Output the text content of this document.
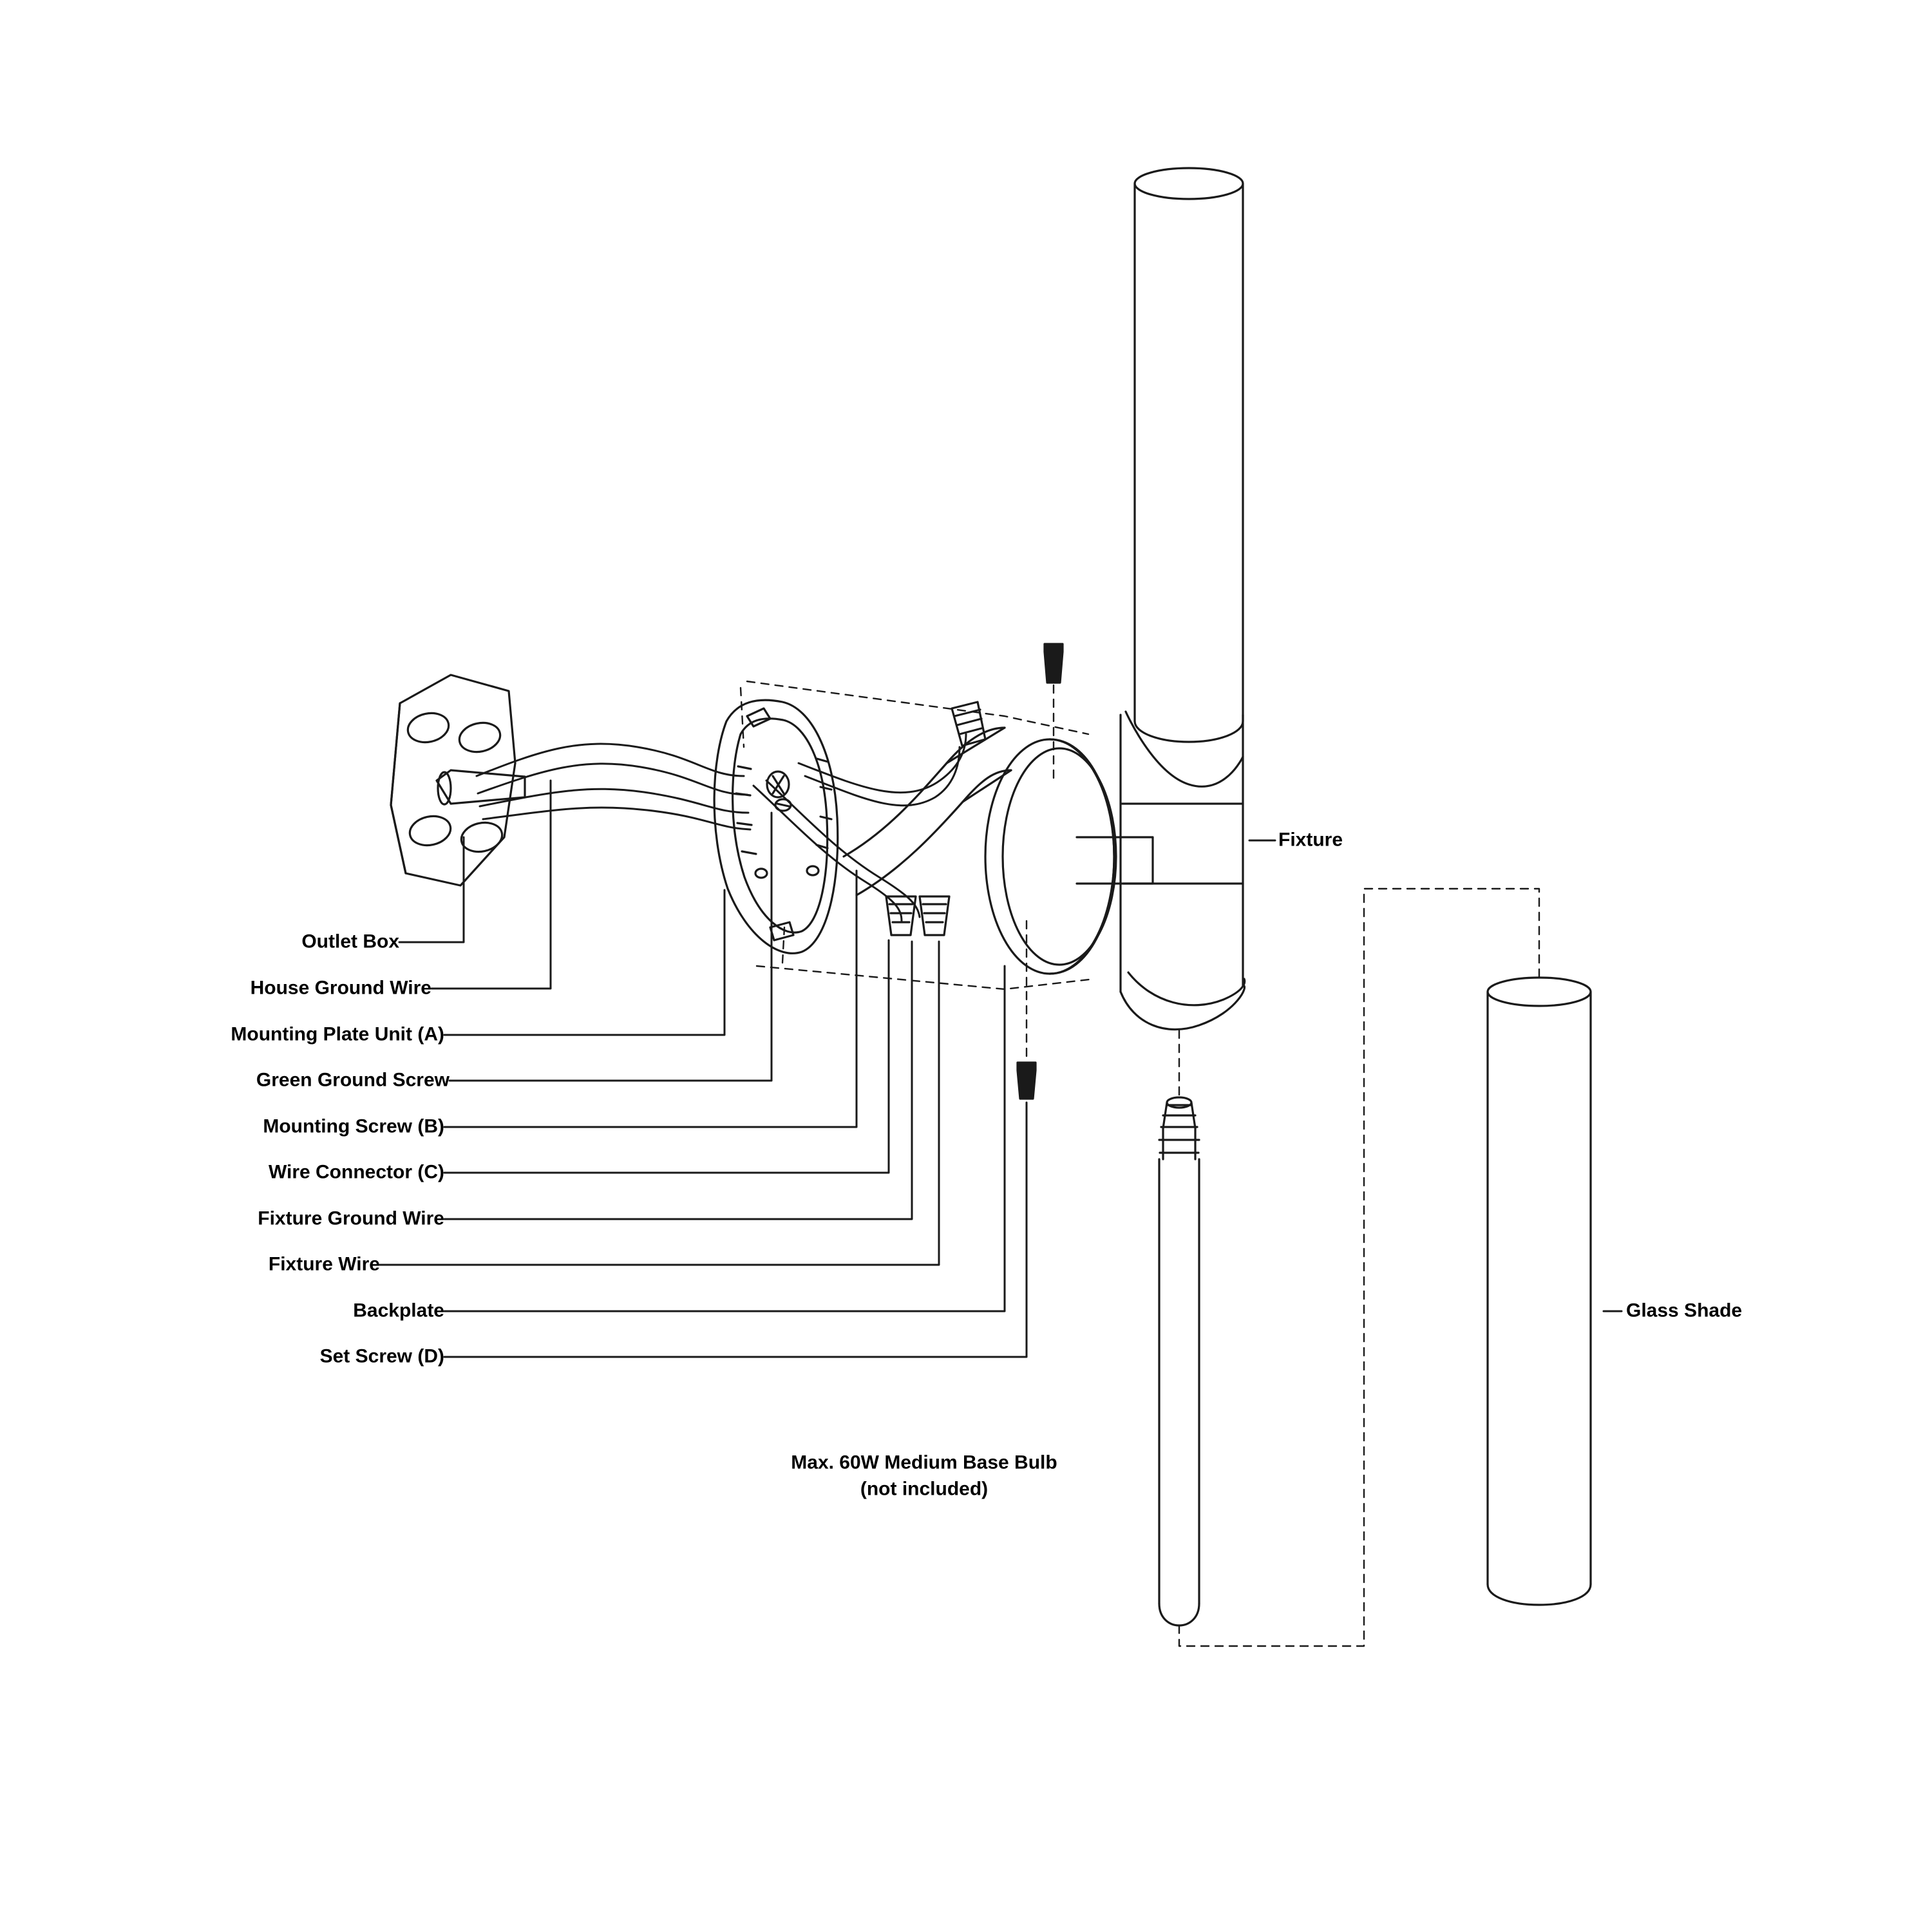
Outlet Box
House Ground Wire
Mounting Plate Unit (A)
Green Ground Screw
Mounting Screw (B)
Wire Connector (C)
Fixture Ground Wire
Fixture Wire
Backplate
Set Screw (D)
Fixture
Glass Shade
Max. 60W Medium Base Bulb
(not included)
